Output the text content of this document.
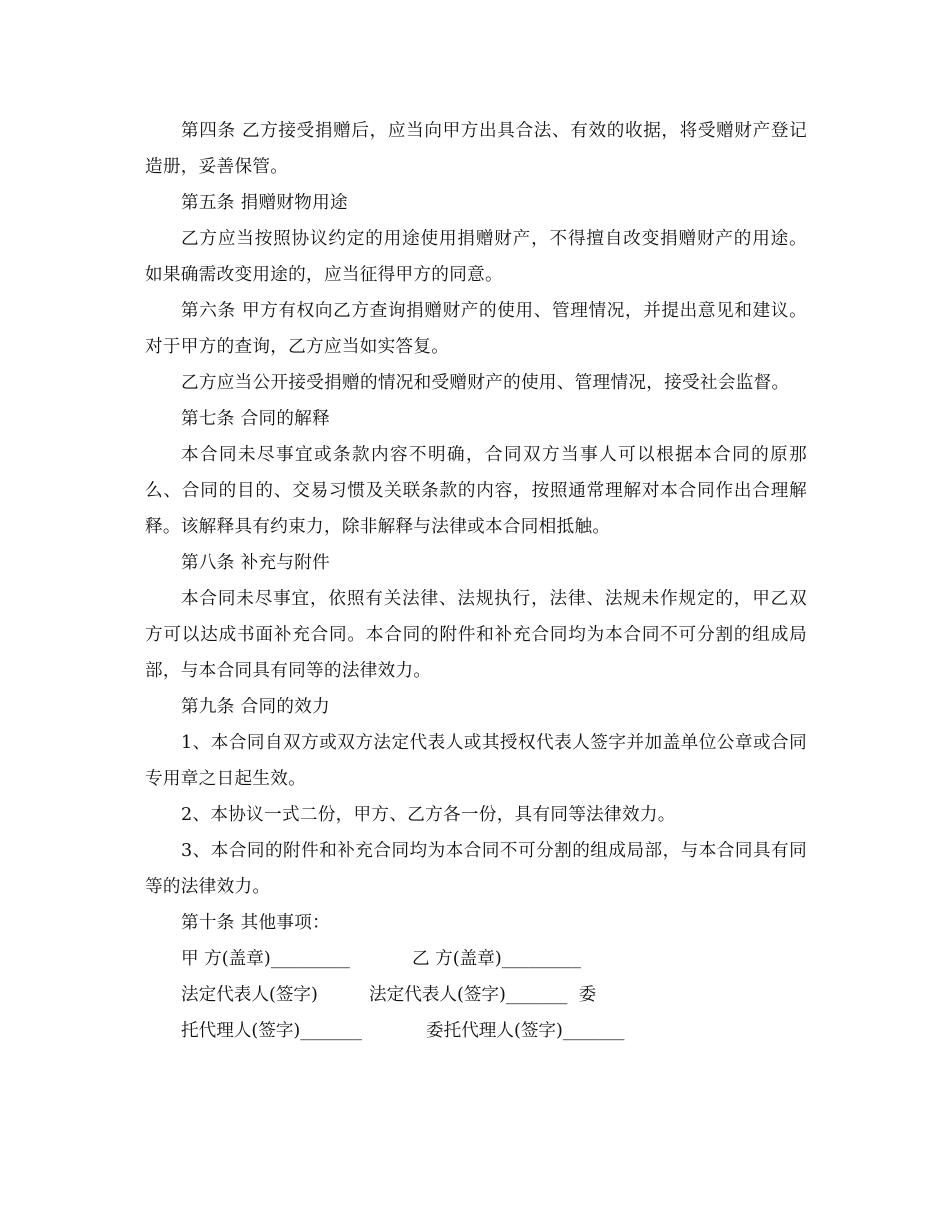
第四条 乙方接受捐赠后，应当向甲方出具合法、有效的收据，将受赠财产登记造册，妥善保管。

第五条 捐赠财物用途

乙方应当按照协议约定的用途使用捐赠财产，不得擅自改变捐赠财产的用途。如果确需改变用途的，应当征得甲方的同意。

第六条 甲方有权向乙方查询捐赠财产的使用、管理情况，并提出意见和建议。对于甲方的查询，乙方应当如实答复。

乙方应当公开接受捐赠的情况和受赠财产的使用、管理情况，接受社会监督。

第七条 合同的解释

本合同未尽事宜或条款内容不明确，合同双方当事人可以根据本合同的原那么、合同的目的、交易习惯及关联条款的内容，按照通常理解对本合同作出合理解释。该解释具有约束力，除非解释与法律或本合同相抵触。

第八条 补充与附件

本合同未尽事宜，依照有关法律、法规执行，法律、法规未作规定的，甲乙双方可以达成书面补充合同。本合同的附件和补充合同均为本合同不可分割的组成局部，与本合同具有同等的法律效力。

第九条 合同的效力

1、本合同自双方或双方法定代表人或其授权代表人签字并加盖单位公章或合同专用章之日起生效。

2、本协议一式二份，甲方、乙方各一份，具有同等法律效力。

3、本合同的附件和补充合同均为本合同不可分割的组成局部，与本合同具有同等的法律效力。

第十条 其他事项：

甲 方(盖章)_________	乙 方(盖章)_________
法定代表人(签字)	法定代表人(签字)_______  委
托代理人(签字)_______	委托代理人(签字)_______
